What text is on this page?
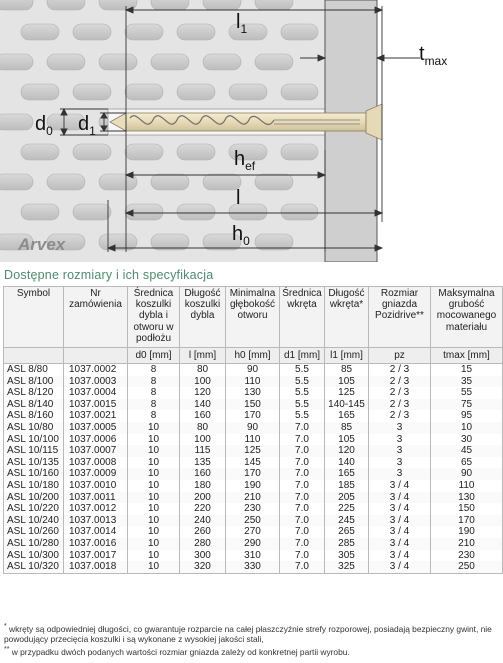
$l_1$
$t_{max}$
$d_0$ $d_1$
$h_{ef}$
l
$h_0$
Arvex
Dostępne rozmiary i ich specyfikacja
Symbol	Nr zamówienia	Średnica koszulki dybla i otworu w podłożu	Długość koszulki dybla	Minimalna głębokość otworu	Średnica wkręta	Długość wkręta*	Rozmiar gniazda Pozidrive**	Maksymalna grubość mocowanego materiału
		d0 [mm]	l [mm]	h0 [mm]	d1 [mm]	l1 [mm]	pz	tmax [mm]
ASL 8/80	1037.0002	8	80	90	5.5	85	2 / 3	15
ASL 8/100	1037.0003	8	100	110	5.5	105	2 / 3	35
ASL 8/120	1037.0004	8	120	130	5.5	125	2 / 3	55
ASL 8/140	1037.0015	8	140	150	5.5	140-145	2 / 3	75
ASL 8/160	1037.0021	8	160	170	5.5	165	2 / 3	95
ASL 10/80	1037.0005	10	80	90	7.0	85	3	10
ASL 10/100	1037.0006	10	100	110	7.0	105	3	30
ASL 10/115	1037.0007	10	115	125	7.0	120	3	45
ASL 10/135	1037.0008	10	135	145	7.0	140	3	65
ASL 10/160	1037.0009	10	160	170	7.0	165	3	90
ASL 10/180	1037.0010	10	180	190	7.0	185	3 / 4	110
ASL 10/200	1037.0011	10	200	210	7.0	205	3 / 4	130
ASL 10/220	1037.0012	10	220	230	7.0	225	3 / 4	150
ASL 10/240	1037.0013	10	240	250	7.0	245	3 / 4	170
ASL 10/260	1037.0014	10	260	270	7.0	265	3 / 4	190
ASL 10/280	1037.0016	10	280	290	7.0	285	3 / 4	210
ASL 10/300	1037.0017	10	300	310	7.0	305	3 / 4	230
ASL 10/320	1037.0018	10	320	330	7.0	325	3 / 4	250

* wkręty są odpowiedniej długości, co gwarantuje rozparcie na całej płaszczyźnie strefy rozporowej, posiadają bezpieczny gwint, nie powodujący przecięcia koszulki i są wykonane z wysokiej jakości stali,

** w przypadku dwóch podanych wartości rozmiar gniazda zależy od konkretnej partii wyrobu.
